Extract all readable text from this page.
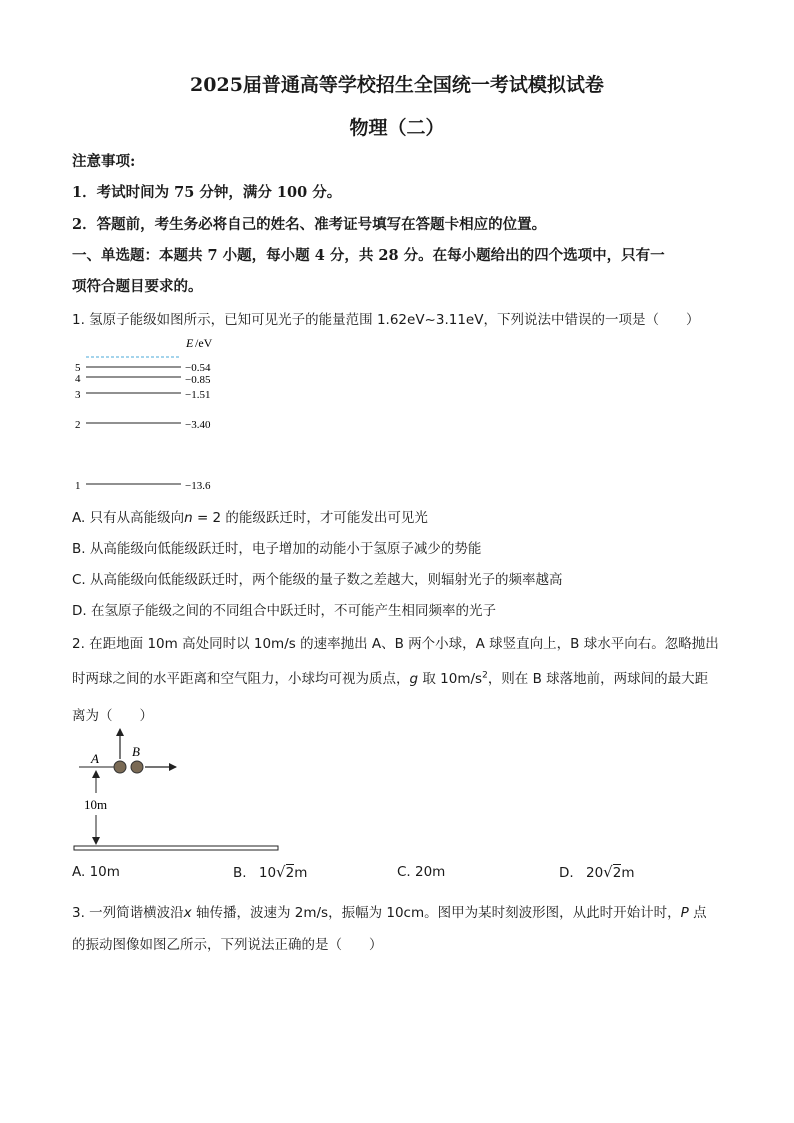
2025届普通高等学校招生全国统一考试模拟试卷
物理（二）
注意事项:
1．考试时间为 75 分钟，满分 100 分。
2．答题前，考生务必将自己的姓名、准考证号填写在答题卡相应的位置。
一、单选题：本题共 7 小题，每小题 4 分，共 28 分。在每小题给出的四个选项中，只有一
项符合题目要求的。
1. 氢原子能级如图所示，已知可见光子的能量范围 1.62eV~3.11eV，下列说法中错误的一项是（　　）
E /eV
5	−0.54
4	−0.85
3	−1.51
2	−3.40
1	−13.6
A. 只有从高能级向n = 2 的能级跃迁时，才可能发出可见光
B. 从高能级向低能级跃迁时，电子增加的动能小于氢原子减少的势能
C. 从高能级向低能级跃迁时，两个能级的量子数之差越大，则辐射光子的频率越高
D. 在氢原子能级之间的不同组合中跃迁时，不可能产生相同频率的光子
2. 在距地面 10m 高处同时以 10m/s 的速率抛出 A、B 两个小球，A 球竖直向上，B 球水平向右。忽略抛出
时两球之间的水平距离和空气阻力，小球均可视为质点，g 取 $10m/s^2$，则在 B 球落地前，两球间的最大距
离为（　　）
A	B
10m
A. 10m	B. 10√2m	C. 20m	D. 20√2m
3. 一列简谐横波沿x 轴传播，波速为 2m/s，振幅为 10cm。图甲为某时刻波形图，从此时开始计时，P 点
的振动图像如图乙所示，下列说法正确的是（　　）
